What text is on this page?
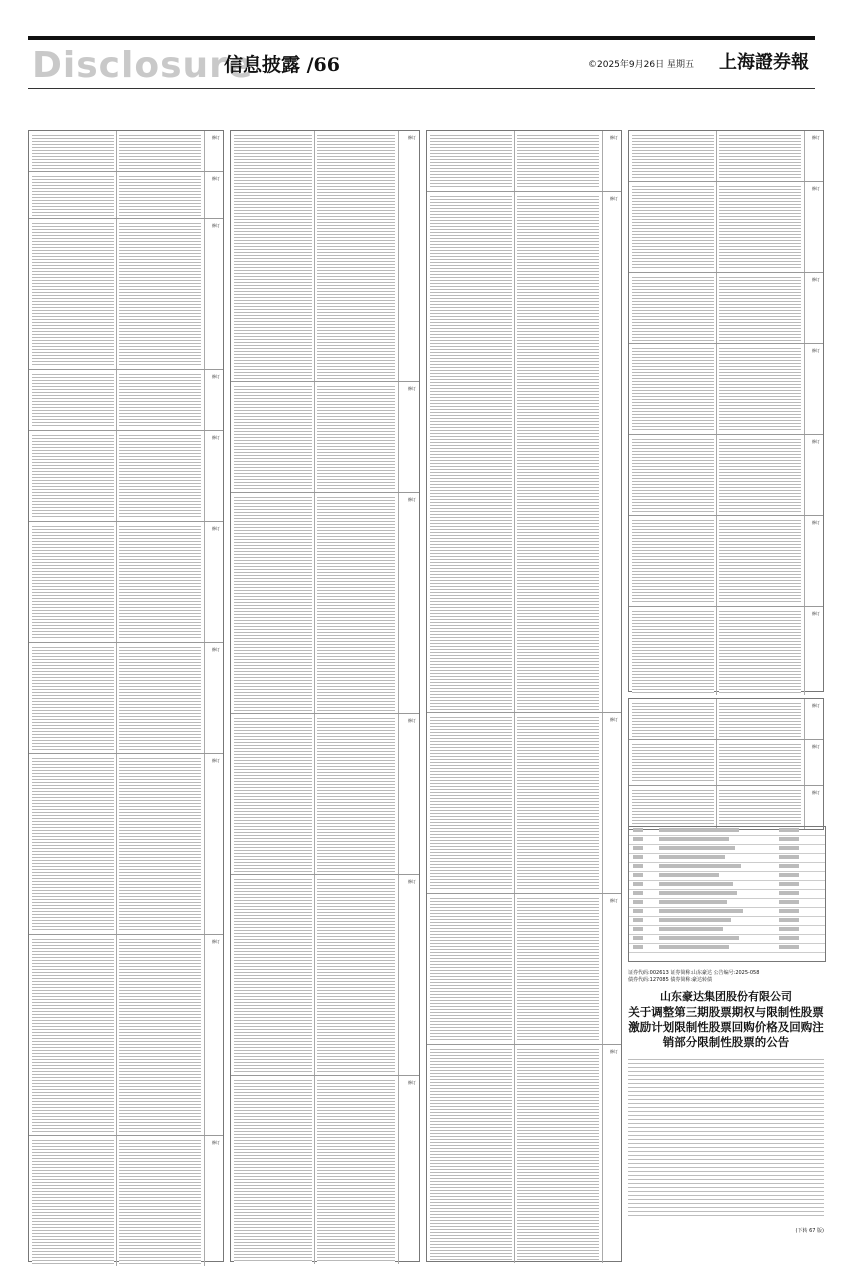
Disclosure
信息披露 /66	©2025年9月26日 星期五 上海證券報
修订
修订
修订
修订
修订
修订
修订
修订
修订
修订
修订
修订
修订
修订
修订
修订
修订
修订
修订
修订
修订
修订
修订
修订
修订
修订
修订
修订
修订
修订
修订
证券代码:002613 证券简称:山东豪达 公告编号:2025-058
债券代码:127085 债券简称:豪达转债
山东豪达集团股份有限公司
关于调整第三期股票期权与限制性股票激励计划限制性股票回购价格及回购注销部分限制性股票的公告
(下转 67 版)
